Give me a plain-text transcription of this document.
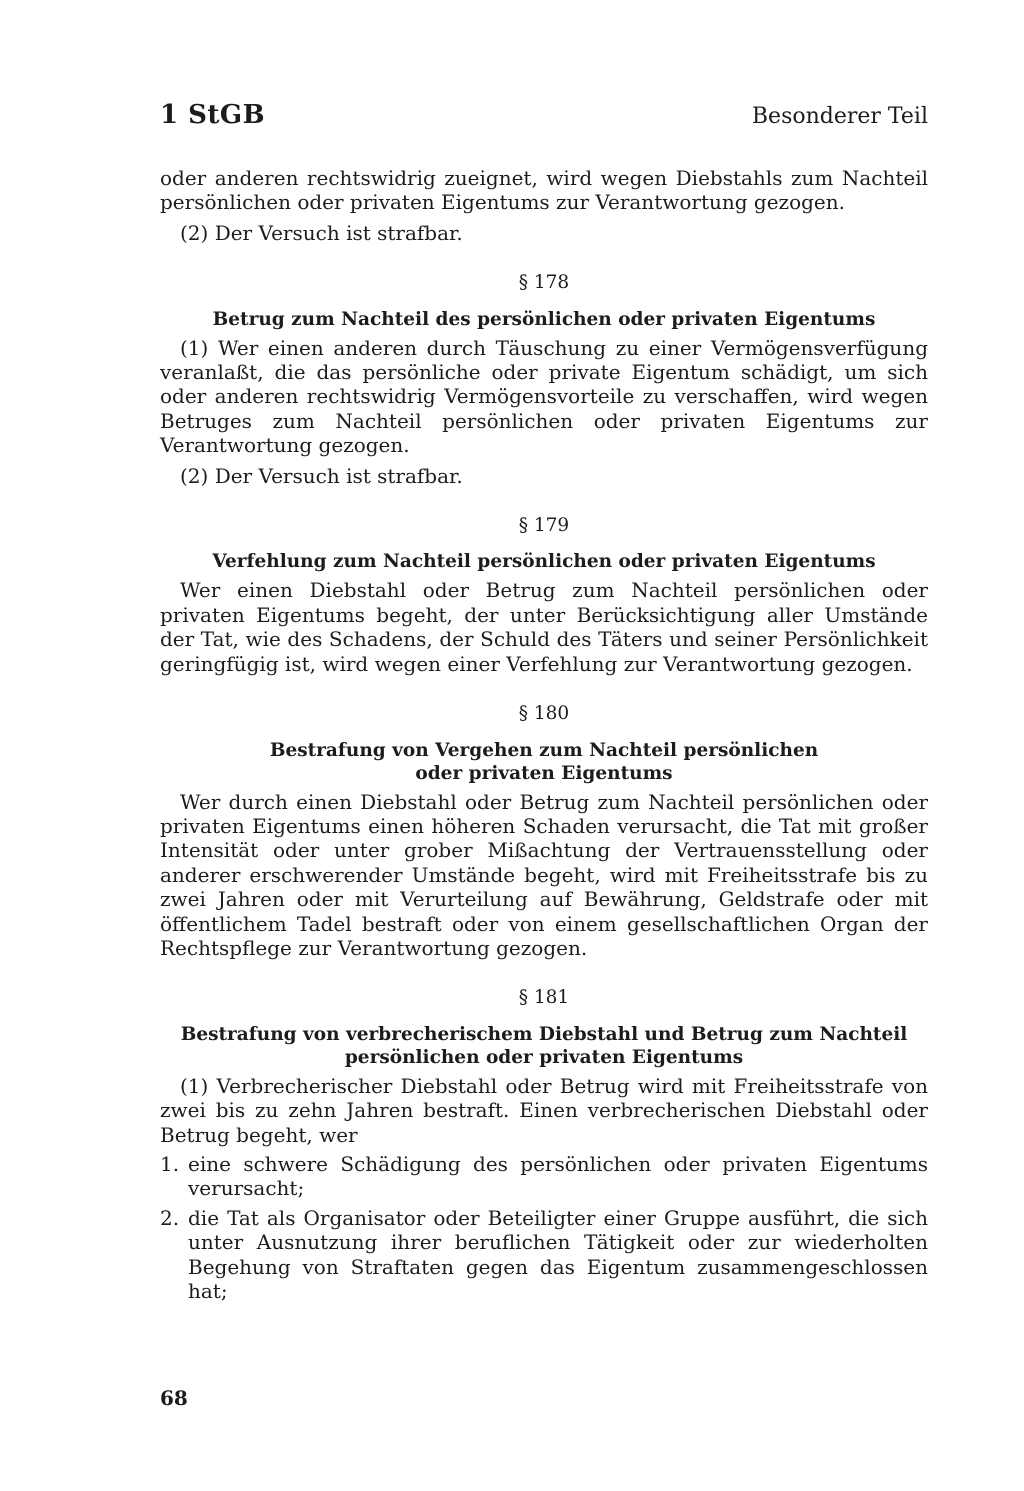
1 StGB	Besonderer Teil

oder anderen rechtswidrig zueignet, wird wegen Diebstahls zum Nachteil persönlichen oder privaten Eigentums zur Verantwortung gezogen.

(2) Der Versuch ist strafbar.

§ 178
Betrug zum Nachteil des persönlichen oder privaten Eigentums

(1) Wer einen anderen durch Täuschung zu einer Vermögensverfügung veranlaßt, die das persönliche oder private Eigentum schädigt, um sich oder anderen rechtswidrig Vermögensvorteile zu verschaffen, wird wegen Betruges zum Nachteil persönlichen oder privaten Eigentums zur Verantwortung gezogen.

(2) Der Versuch ist strafbar.

§ 179
Verfehlung zum Nachteil persönlichen oder privaten Eigentums

Wer einen Diebstahl oder Betrug zum Nachteil persönlichen oder privaten Eigentums begeht, der unter Berücksichtigung aller Umstände der Tat, wie des Schadens, der Schuld des Täters und seiner Persönlichkeit geringfügig ist, wird wegen einer Verfehlung zur Verantwortung gezogen.

§ 180
Bestrafung von Vergehen zum Nachteil persönlichen
oder privaten Eigentums

Wer durch einen Diebstahl oder Betrug zum Nachteil persönlichen oder privaten Eigentums einen höheren Schaden verursacht, die Tat mit großer Intensität oder unter grober Mißachtung der Vertrauensstellung oder anderer erschwerender Umstände begeht, wird mit Freiheitsstrafe bis zu zwei Jahren oder mit Verurteilung auf Bewährung, Geldstrafe oder mit öffentlichem Tadel bestraft oder von einem gesellschaftlichen Organ der Rechtspflege zur Verantwortung gezogen.

§ 181
Bestrafung von verbrecherischem Diebstahl und Betrug zum Nachteil
persönlichen oder privaten Eigentums

(1) Verbrecherischer Diebstahl oder Betrug wird mit Freiheitsstrafe von zwei bis zu zehn Jahren bestraft. Einen verbrecherischen Diebstahl oder Betrug begeht, wer

1. eine schwere Schädigung des persönlichen oder privaten Eigentums verursacht;
2. die Tat als Organisator oder Beteiligter einer Gruppe ausführt, die sich unter Ausnutzung ihrer beruflichen Tätigkeit oder zur wiederholten Begehung von Straftaten gegen das Eigentum zusammengeschlossen hat;
68
